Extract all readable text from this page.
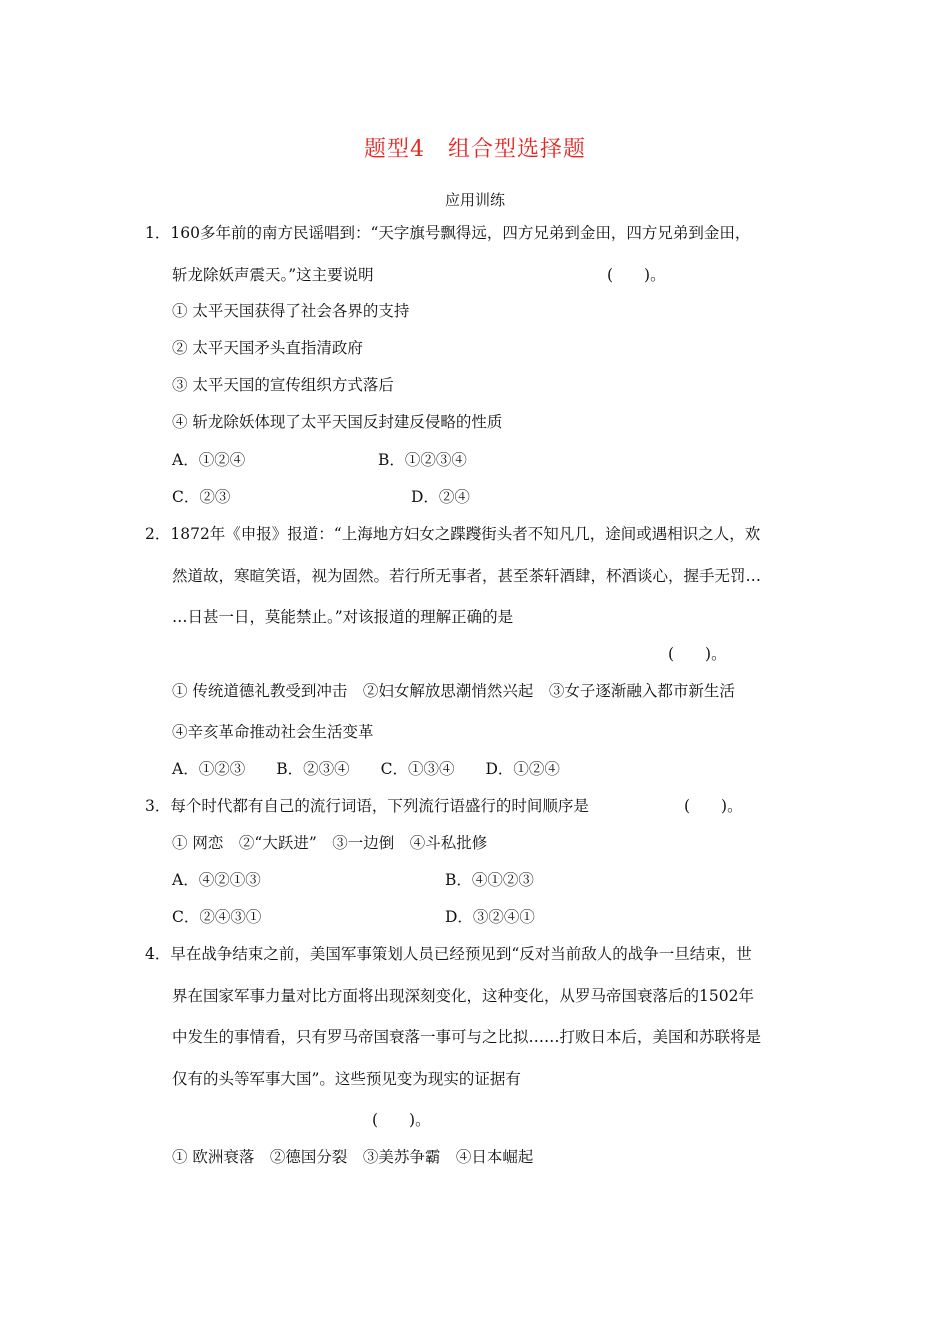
题型4　组合型选择题
应用训练
1．160多年前的南方民谣唱到：“天字旗号飘得远，四方兄弟到金田，四方兄弟到金田，
斩龙除妖声震天。”这主要说明	(　　)。
① 太平天国获得了社会各界的支持
② 太平天国矛头直指清政府
③ 太平天国的宣传组织方式落后
④ 斩龙除妖体现了太平天国反封建反侵略的性质
A．①②④	B．①②③④
C．②③	D．②④
2．1872年《申报》报道：“上海地方妇女之蹀躞街头者不知凡几，途间或遇相识之人，欢
然道故，寒暄笑语，视为固然。若行所无事者，甚至茶轩酒肆，杯酒谈心，握手无罚…
…日甚一日，莫能禁止。”对该报道的理解正确的是
(　　)。
① 传统道德礼教受到冲击　②妇女解放思潮悄然兴起　③女子逐渐融入都市新生活
④辛亥革命推动社会生活变革
A．①②③　　B．②③④　　C．①③④　　D．①②④
3．每个时代都有自己的流行词语，下列流行语盛行的时间顺序是	(　　)。
① 网恋　②“大跃进”　③一边倒　④斗私批修
A．④②①③	B．④①②③
C．②④③①	D．③②④①
4．早在战争结束之前，美国军事策划人员已经预见到“反对当前敌人的战争一旦结束，世
界在国家军事力量对比方面将出现深刻变化，这种变化，从罗马帝国衰落后的1502年
中发生的事情看，只有罗马帝国衰落一事可与之比拟……打败日本后，美国和苏联将是
仅有的头等军事大国”。这些预见变为现实的证据有
(　　)。
① 欧洲衰落　②德国分裂　③美苏争霸　④日本崛起
